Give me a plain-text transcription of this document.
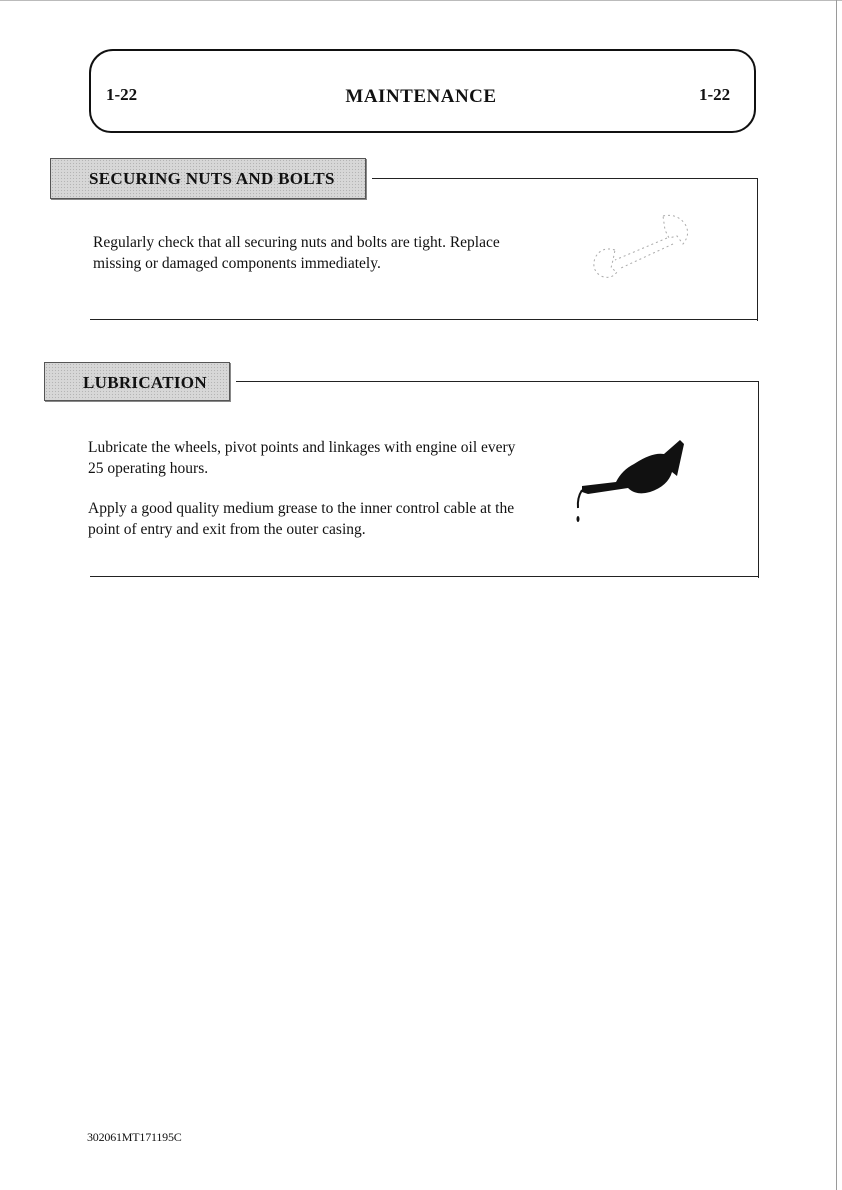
1-22	MAINTENANCE	1-22
SECURING NUTS AND BOLTS

Regularly check that all securing nuts and bolts are tight. Replace missing or damaged components immediately.

LUBRICATION

Lubricate the wheels, pivot points and linkages with engine oil every 25 operating hours.

Apply a good quality medium grease to the inner control cable at the point of entry and exit from the outer casing.

302061MT171195C
